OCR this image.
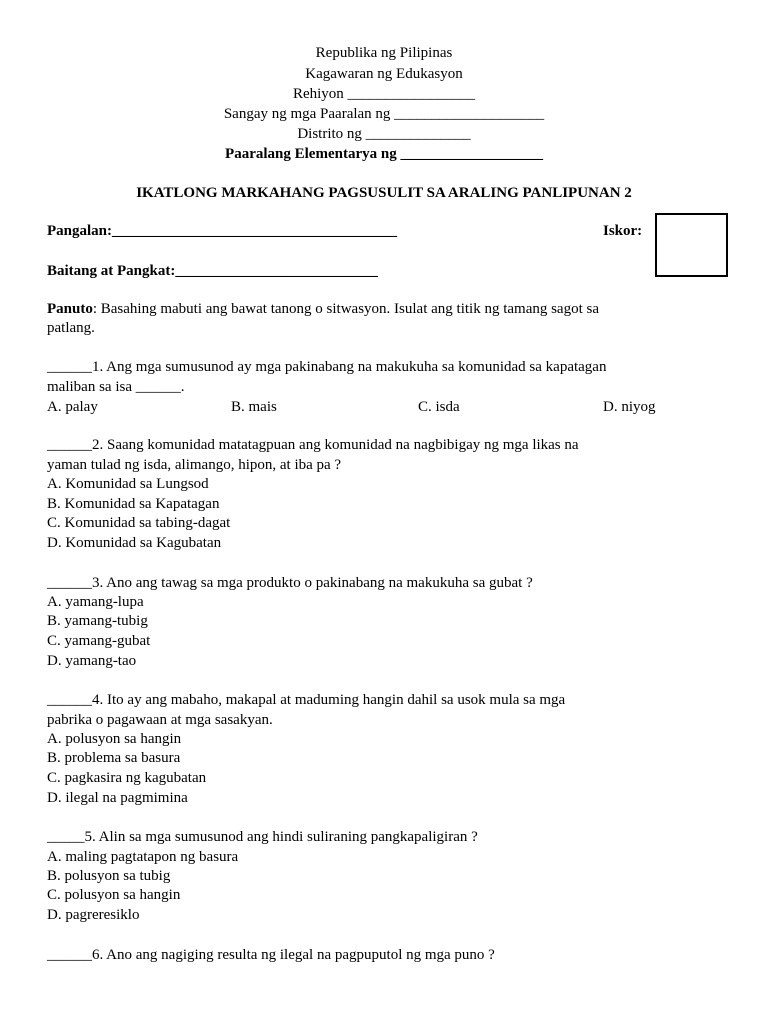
Republika ng Pilipinas
Kagawaran ng Edukasyon
Rehiyon _________________
Sangay ng mga Paaralan ng ____________________
Distrito ng ______________
Paaralang Elementarya ng ___________________
IKATLONG MARKAHANG PAGSUSULIT SA ARALING PANLIPUNAN 2
Pangalan:______________________________________	Iskor:
Baitang at Pangkat:___________________________
Panuto: Basahing mabuti ang bawat tanong o sitwasyon. Isulat ang titik ng tamang sagot sa
patlang.
______1. Ang mga sumusunod ay mga pakinabang na makukuha sa komunidad sa kapatagan
maliban sa isa ______.
A. palay	B. mais	C. isda	D. niyog
______2. Saang komunidad matatagpuan ang komunidad na nagbibigay ng mga likas na
yaman tulad ng isda, alimango, hipon, at iba pa ?
A. Komunidad sa Lungsod
B. Komunidad sa Kapatagan
C. Komunidad sa tabing-dagat
D. Komunidad sa Kagubatan
______3. Ano ang tawag sa mga produkto o pakinabang na makukuha sa gubat ?
A. yamang-lupa
B. yamang-tubig
C. yamang-gubat
D. yamang-tao
______4. Ito ay ang mabaho, makapal at maduming hangin dahil sa usok mula sa mga
pabrika o pagawaan at mga sasakyan.
A. polusyon sa hangin
B. problema sa basura
C. pagkasira ng kagubatan
D. ilegal na pagmimina
_____5. Alin sa mga sumusunod ang hindi suliraning pangkapaligiran ?
A. maling pagtatapon ng basura
B. polusyon sa tubig
C. polusyon sa hangin
D. pagreresiklo
______6. Ano ang nagiging resulta ng ilegal na pagpuputol ng mga puno ?
